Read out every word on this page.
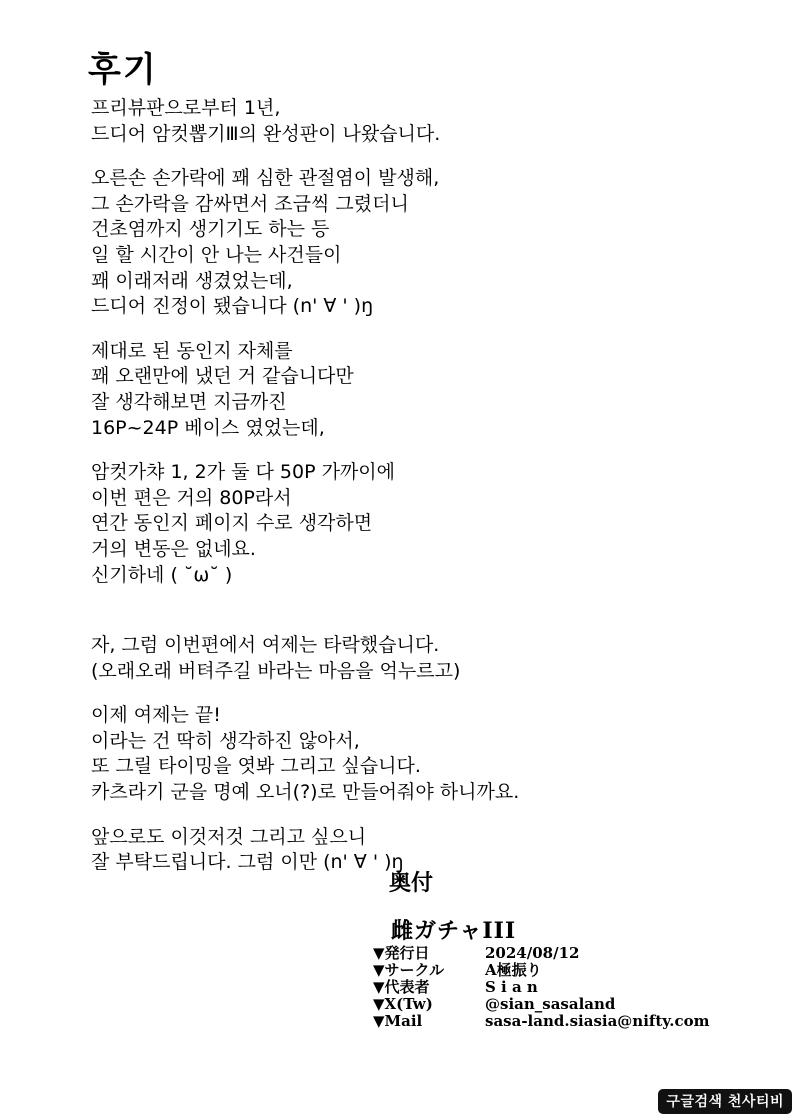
후기
프리뷰판으로부터 1년,
드디어 암컷뽑기Ⅲ의 완성판이 나왔습니다.
오른손 손가락에 꽤 심한 관절염이 발생해,
그 손가락을 감싸면서 조금씩 그렸더니
건초염까지 생기기도 하는 등
일 할 시간이 안 나는 사건들이
꽤 이래저래 생겼었는데,
드디어 진정이 됐습니다 (n' ∀ ' )ŋ
제대로 된 동인지 자체를
꽤 오랜만에 냈던 거 같습니다만
잘 생각해보면 지금까진
16P~24P 베이스 였었는데,
암컷가챠 1, 2가 둘 다 50P 가까이에
이번 편은 거의 80P라서
연간 동인지 페이지 수로 생각하면
거의 변동은 없네요.
신기하네 ( ˘ω˘ )
자, 그럼 이번편에서 여제는 타락했습니다.
(오래오래 버텨주길 바라는 마음을 억누르고)
이제 여제는 끝!
이라는 건 딱히 생각하진 않아서,
또 그릴 타이밍을 엿봐 그리고 싶습니다.
카츠라기 군을 명예 오너(?)로 만들어줘야 하니까요.
앞으로도 이것저것 그리고 싶으니
잘 부탁드립니다. 그럼 이만 (n' ∀ ' )ŋ
奥付
雌ガチャIII
▼発行日	2024/08/12
▼サークル	A極振り
▼代表者	S i a n
▼X(Tw)	@sian_sasaland
▼Mail	sasa-land.siasia@nifty.com
구글검색 천사티비
